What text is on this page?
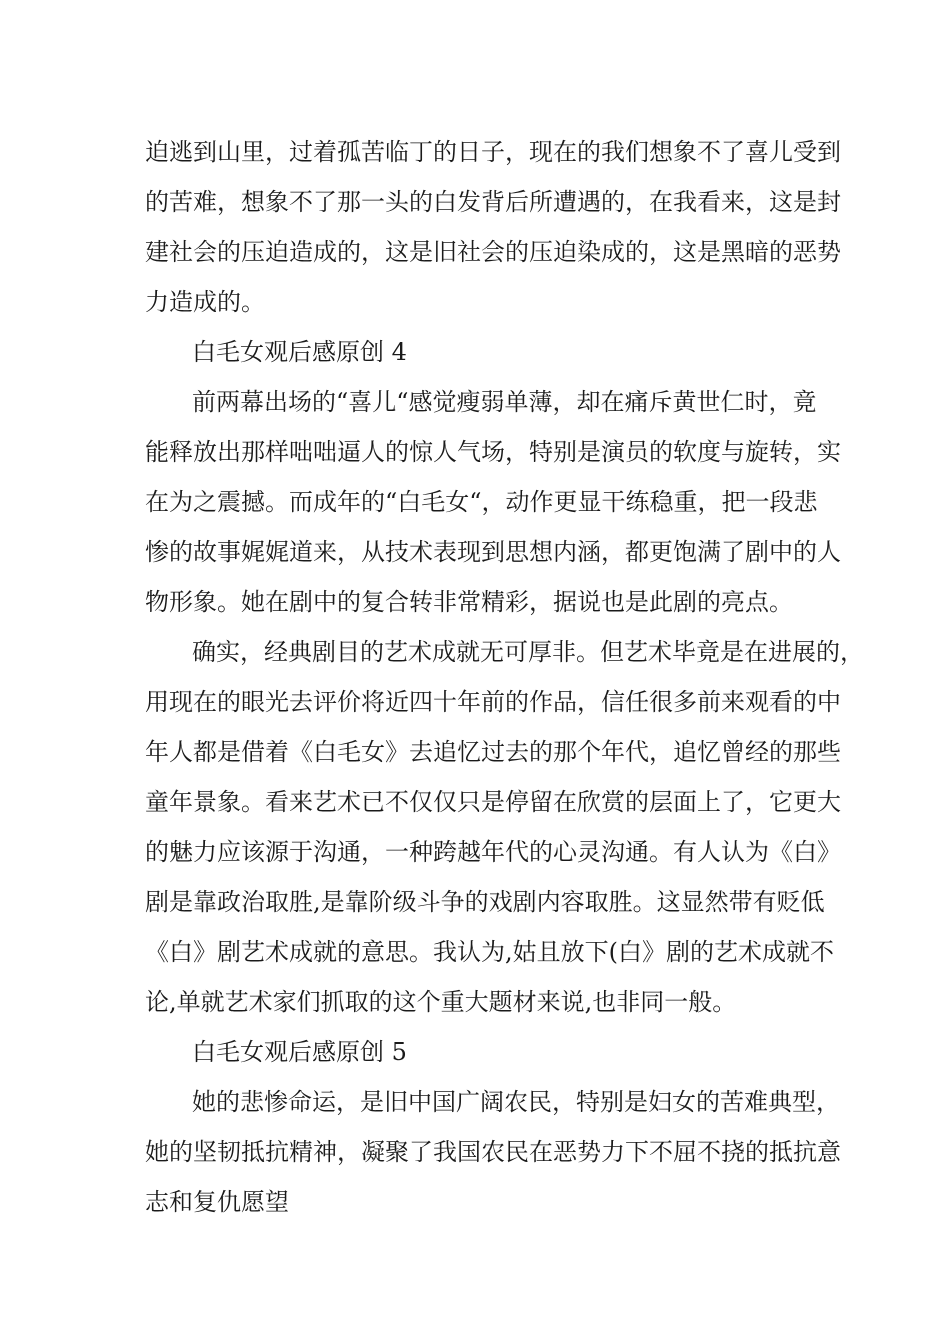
迫逃到山里，过着孤苦临丁的日子，现在的我们想象不了喜儿受到
的苦难，想象不了那一头的白发背后所遭遇的，在我看来，这是封
建社会的压迫造成的，这是旧社会的压迫染成的，这是黑暗的恶势
力造成的。
白毛女观后感原创 4
前两幕出场的“喜儿“感觉瘦弱单薄，却在痛斥黄世仁时，竟
能释放出那样咄咄逼人的惊人气场，特别是演员的软度与旋转，实
在为之震撼。而成年的“白毛女“，动作更显干练稳重，把一段悲
惨的故事娓娓道来，从技术表现到思想内涵，都更饱满了剧中的人
物形象。她在剧中的复合转非常精彩，据说也是此剧的亮点。
确实，经典剧目的艺术成就无可厚非。但艺术毕竟是在进展的，
用现在的眼光去评价将近四十年前的作品，信任很多前来观看的中
年人都是借着《白毛女》去追忆过去的那个年代，追忆曾经的那些
童年景象。看来艺术已不仅仅只是停留在欣赏的层面上了，它更大
的魅力应该源于沟通，一种跨越年代的心灵沟通。有人认为《白》
剧是靠政治取胜,是靠阶级斗争的戏剧内容取胜。这显然带有贬低
《白》剧艺术成就的意思。我认为,姑且放下(白》剧的艺术成就不
论,单就艺术家们抓取的这个重大题材来说,也非同一般。
白毛女观后感原创 5
她的悲惨命运，是旧中国广阔农民，特别是妇女的苦难典型，
她的坚韧抵抗精神，凝聚了我国农民在恶势力下不屈不挠的抵抗意
志和复仇愿望
